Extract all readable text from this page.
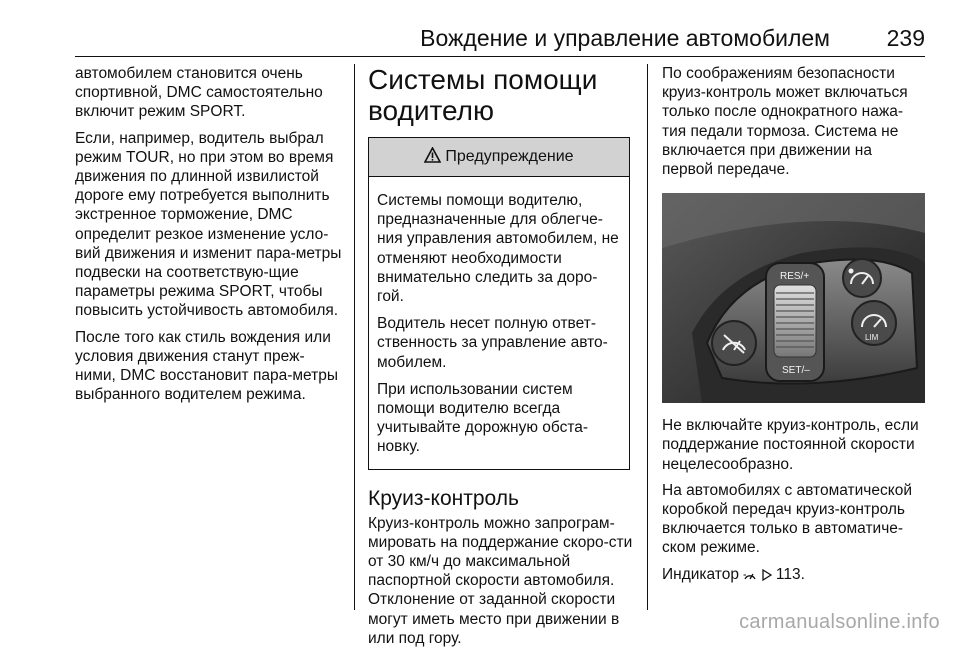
Вождение и управление автомобилем 239

автомобилем становится очень спортивной, DMC самостоятельно включит режим SPORT.

Если, например, водитель выбрал режим TOUR, но при этом во время движения по длинной извилистой дороге ему потребуется выполнить экстренное торможение, DMC определит резкое изменение усло-вий движения и изменит пара-метры подвески на соответствую-щие параметры режима SPORT, чтобы повысить устойчивость автомобиля.

После того как стиль вождения или условия движения станут преж-ними, DMC восстановит пара-метры выбранного водителем режима.

Системы помощи водителю
Предупреждение

Системы помощи водителю, предназначенные для облегче-ния управления автомобилем, не отменяют необходимости внимательно следить за доро-гой.

Водитель несет полную ответ-ственность за управление авто-мобилем.

При использовании систем помощи водителю всегда учитывайте дорожную обста-новку.

Круиз-контроль

Круиз-контроль можно запрограм-мировать на поддержание скоро-сти от 30 км/ч до максимальной паспортной скорости автомобиля. Отклонение от заданной скорости могут иметь место при движении в или под гору.

По соображениям безопасности круиз-контроль может включаться только после однократного нажа-тия педали тормоза. Система не включается при движении на первой передаче.

RES/+
SET/–
LIM

Не включайте круиз-контроль, если поддержание постоянной скорости нецелесообразно.

На автомобилях с автоматической коробкой передач круиз-контроль включается только в автоматиче-ском режиме.

Индикатор 113.

carmanualsonline.info
